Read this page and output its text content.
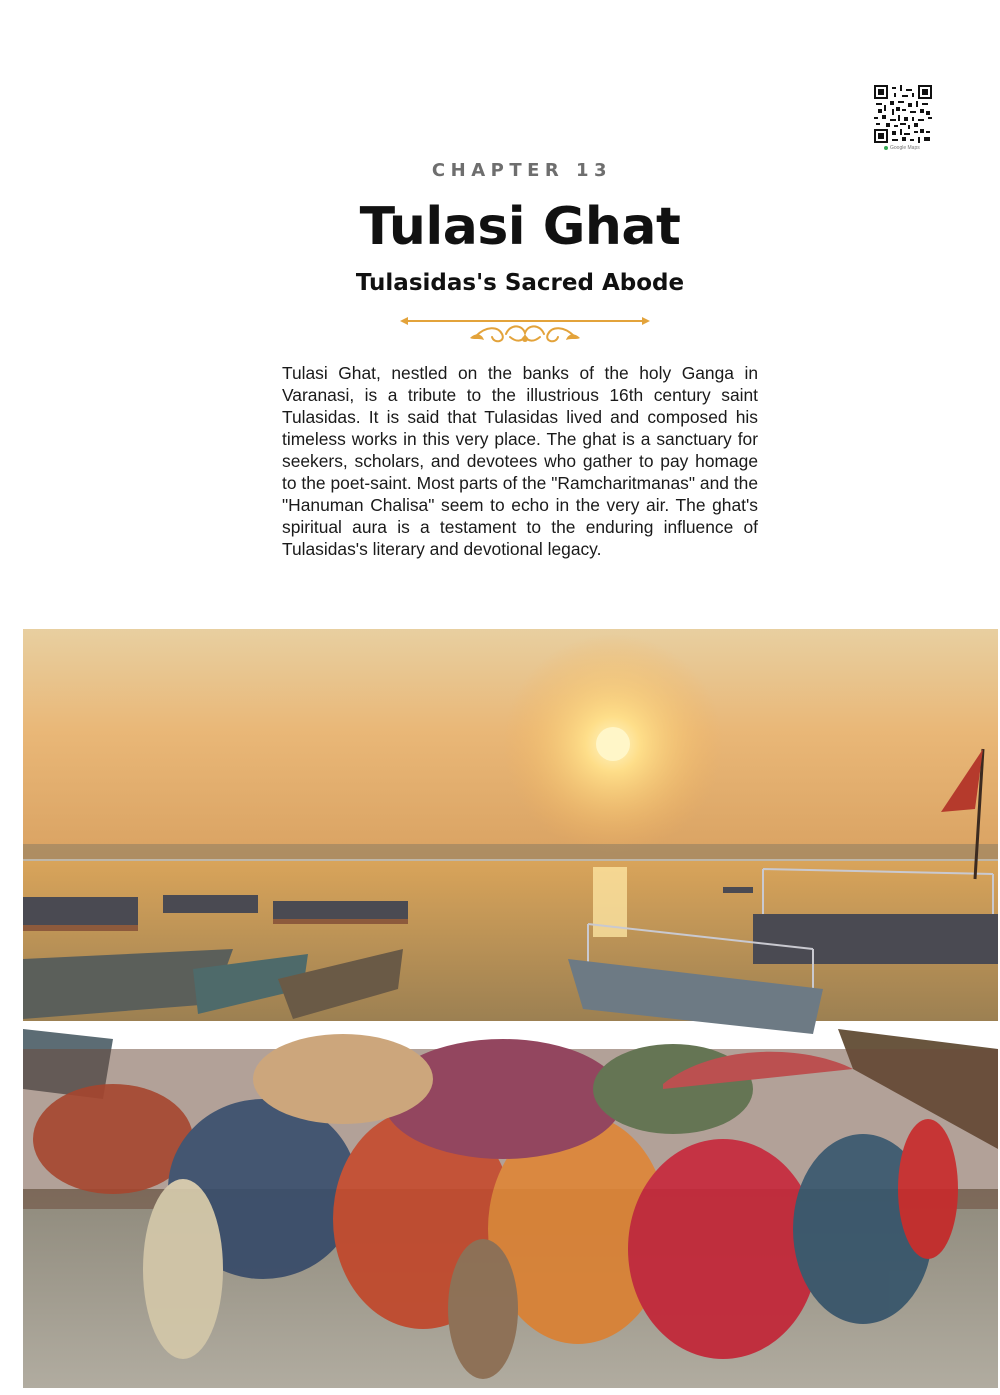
Google Maps
CHAPTER 13
Tulasi Ghat
Tulasidas's Sacred Abode

Tulasi Ghat, nestled on the banks of the holy Ganga in Varanasi, is a tribute to the illustrious 16th century saint Tulasidas. It is said that Tulasidas lived and composed his timeless works in this very place. The ghat is a sanctuary for seekers, scholars, and devotees who gather to pay homage to the poet-saint. Most parts of the "Ramcharitmanas" and the "Hanuman Chalisa" seem to echo in the very air. The ghat's spiritual aura is a testament to the enduring influence of Tulasidas's literary and devotional legacy.
